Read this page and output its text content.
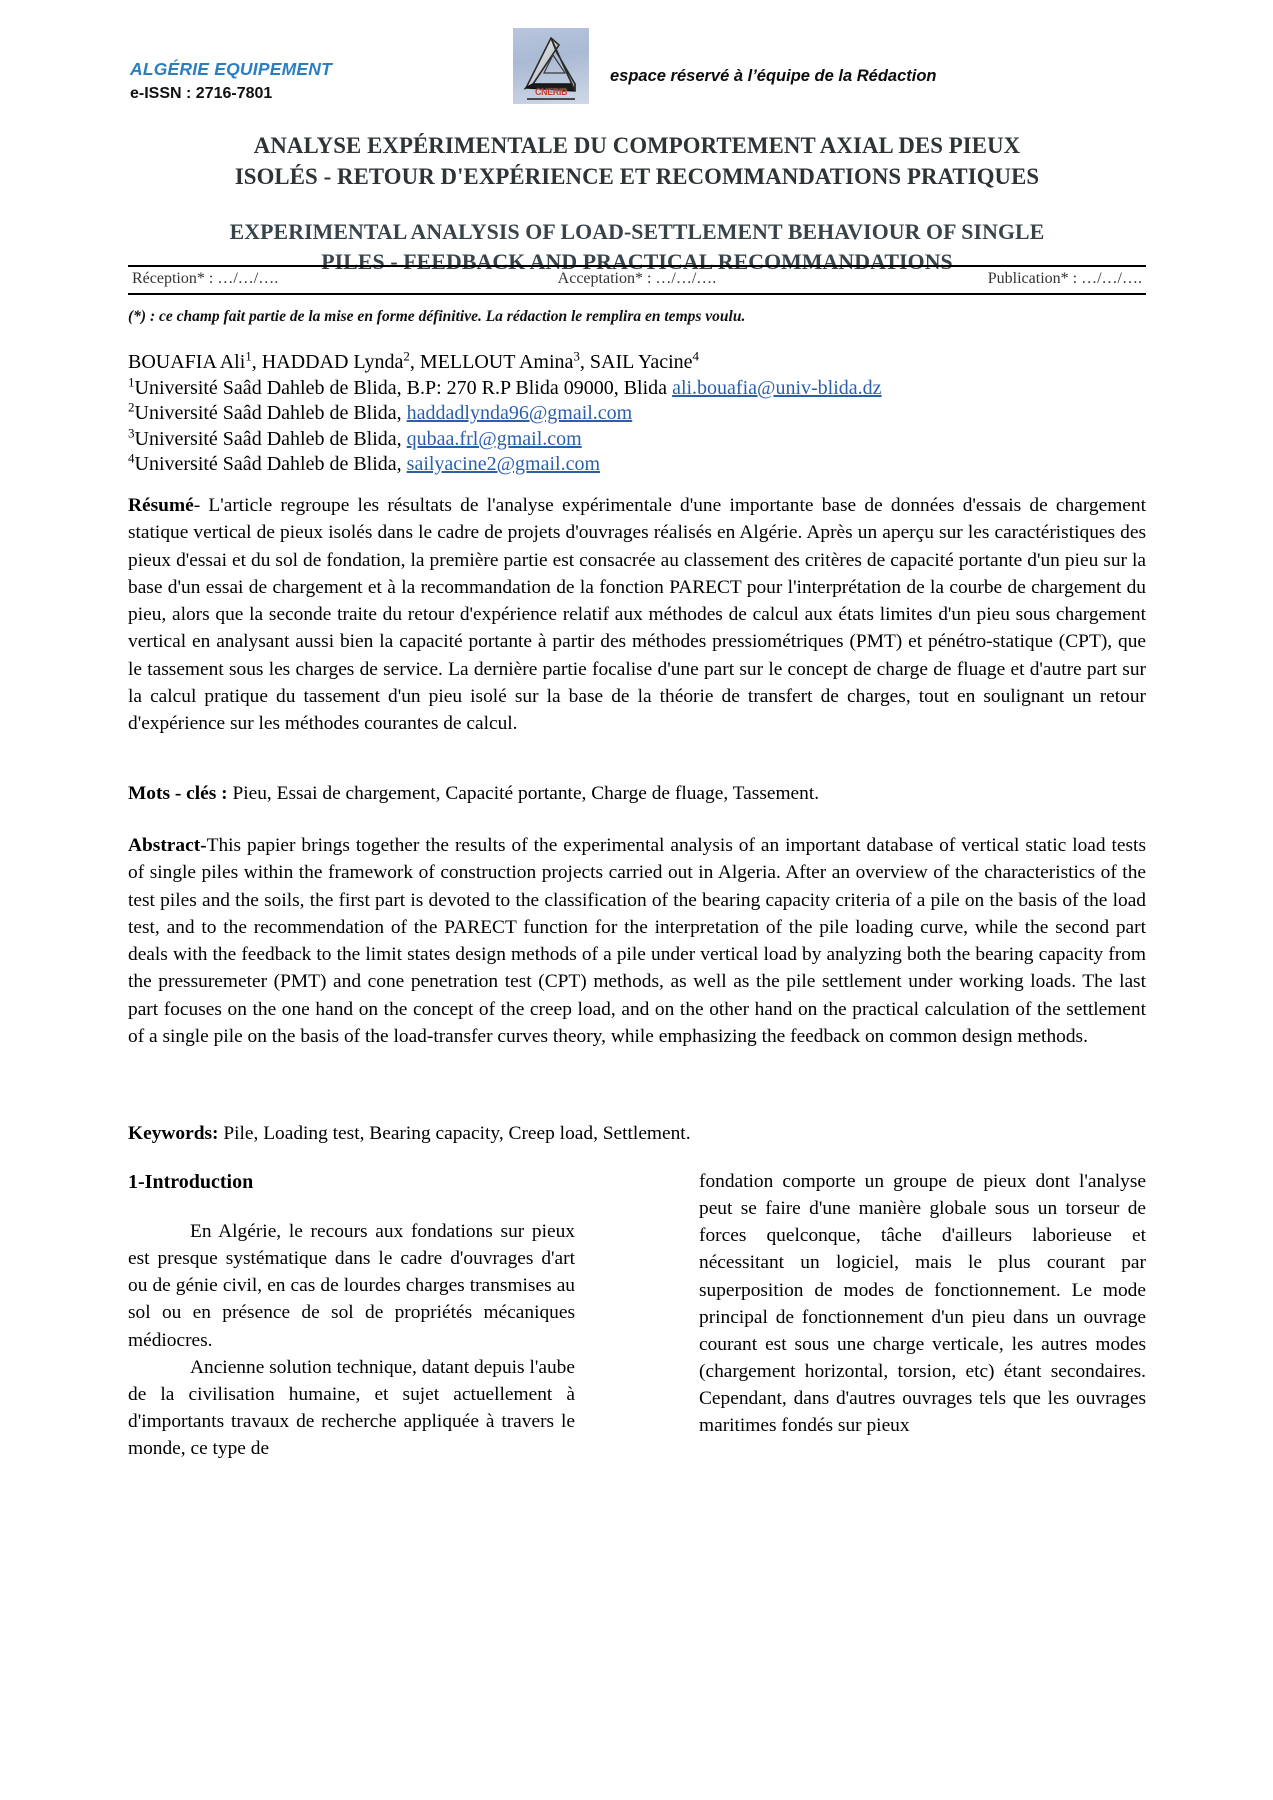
ALGÉRIE EQUIPEMENT
e-ISSN : 2716-7801	CNERIB
espace réservé à l’équipe de la Rédaction
ANALYSE EXPÉRIMENTALE DU COMPORTEMENT AXIAL DES PIEUX
ISOLÉS - RETOUR D'EXPÉRIENCE ET RECOMMANDATIONS PRATIQUES
EXPERIMENTAL ANALYSIS OF LOAD-SETTLEMENT BEHAVIOUR OF SINGLE
PILES - FEEDBACK AND PRACTICAL RECOMMANDATIONS
Réception* : …/…/….	Acceptation* : …/…/….	Publication* : …/…/….
(*) : ce champ fait partie de la mise en forme définitive. La rédaction le remplira en temps voulu.
BOUAFIA Ali$^1$, HADDAD Lynda$^2$, MELLOUT Amina$^3$, SAIL Yacine$^4$
$^1$Université Saâd Dahleb de Blida, B.P: 270 R.P Blida 09000, Blida ali.bouafia@univ-blida.dz
$^2$Université Saâd Dahleb de Blida, haddadlynda96@gmail.com
$^3$Université Saâd Dahleb de Blida, qubaa.frl@gmail.com
$^4$Université Saâd Dahleb de Blida, sailyacine2@gmail.com
Résumé- L'article regroupe les résultats de l'analyse expérimentale d'une importante base de données d'essais de chargement statique vertical de pieux isolés dans le cadre de projets d'ouvrages réalisés en Algérie. Après un aperçu sur les caractéristiques des pieux d'essai et du sol de fondation, la première partie est consacrée au classement des critères de capacité portante d'un pieu sur la base d'un essai de chargement et à la recommandation de la fonction PARECT pour l'interprétation de la courbe de chargement du pieu, alors que la seconde traite du retour d'expérience relatif aux méthodes de calcul aux états limites d'un pieu sous chargement vertical en analysant aussi bien la capacité portante à partir des méthodes pressiométriques (PMT) et pénétro-statique (CPT), que le tassement sous les charges de service. La dernière partie focalise d'une part sur le concept de charge de fluage et d'autre part sur la calcul pratique du tassement d'un pieu isolé sur la base de la théorie de transfert de charges, tout en soulignant un retour d'expérience sur les méthodes courantes de calcul.
Mots - clés : Pieu, Essai de chargement, Capacité portante, Charge de fluage, Tassement.
Abstract-This papier brings together the results of the experimental analysis of an important database of vertical static load tests of single piles within the framework of construction projects carried out in Algeria. After an overview of the characteristics of the test piles and the soils, the first part is devoted to the classification of the bearing capacity criteria of a pile on the basis of the load test, and to the recommendation of the PARECT function for the interpretation of the pile loading curve, while the second part deals with the feedback to the limit states design methods of a pile under vertical load by analyzing both the bearing capacity from the pressuremeter (PMT) and cone penetration test (CPT) methods, as well as the pile settlement under working loads. The last part focuses on the one hand on the concept of the creep load, and on the other hand on the practical calculation of the settlement of a single pile on the basis of the load-transfer curves theory, while emphasizing the feedback on common design methods.
Keywords: Pile, Loading test, Bearing capacity, Creep load, Settlement.

1-Introduction

En Algérie, le recours aux fondations sur pieux est presque systématique dans le cadre d'ouvrages d'art ou de génie civil, en cas de lourdes charges transmises au sol ou en présence de sol de propriétés mécaniques médiocres.

Ancienne solution technique, datant depuis l'aube de la civilisation humaine, et sujet actuellement à d'importants travaux de recherche appliquée à travers le monde, ce type de

fondation comporte un groupe de pieux dont l'analyse peut se faire d'une manière globale sous un torseur de forces quelconque, tâche d'ailleurs laborieuse et nécessitant un logiciel, mais le plus courant par superposition de modes de fonctionnement. Le mode principal de fonctionnement d'un pieu dans un ouvrage courant est sous une charge verticale, les autres modes (chargement horizontal, torsion, etc) étant secondaires. Cependant, dans d'autres ouvrages tels que les ouvrages maritimes fondés sur pieux
